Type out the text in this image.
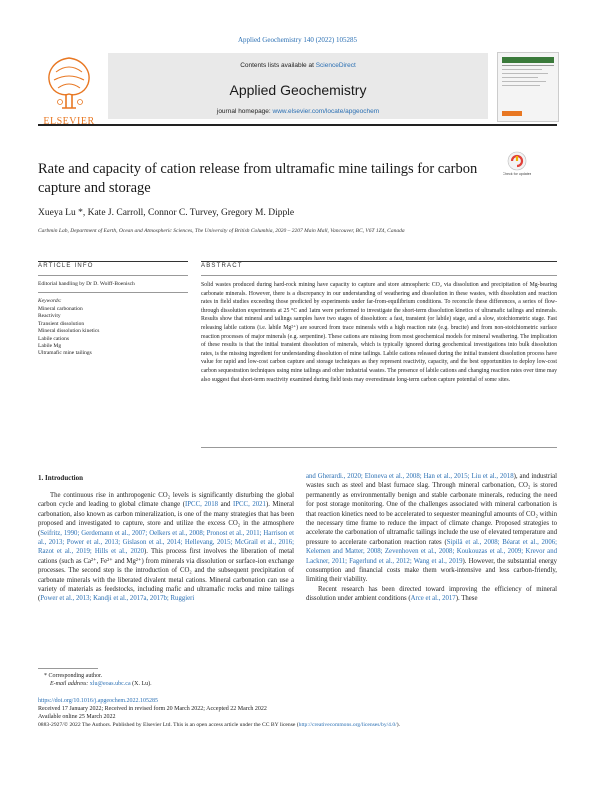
Applied Geochemistry 140 (2022) 105285
ELSEVIER
Contents lists available at ScienceDirect
Applied Geochemistry
journal homepage: www.elsevier.com/locate/apgeochem
Rate and capacity of cation release from ultramafic mine tailings for carbon capture and storage
Check for updates
Xueya Lu *, Kate J. Carroll, Connor C. Turvey, Gregory M. Dipple
Carbmin Lab, Department of Earth, Ocean and Atmospheric Sciences, The University of British Columbia, 2020 – 2207 Main Mall, Vancouver, BC, V6T 1Z4, Canada
ARTICLE INFO	ABSTRACT
Editorial handling by Dr D. Wolff-Boenisch
Keywords:
Mineral carbonation
Reactivity
Transient dissolution
Mineral dissolution kinetics
Labile cations
Labile Mg
Ultramafic mine tailings
Solid wastes produced during hard-rock mining have capacity to capture and store atmospheric CO₂ via dissolution and precipitation of Mg-bearing carbonate minerals. However, there is a discrepancy in our understanding of weathering and dissolution in these wastes, with dissolution and reaction rates in field studies exceeding those predicted by experiments under far-from-equilibrium conditions. To reconcile these differences, a series of flow-through dissolution experiments at 25 °C and 1atm were performed to investigate the short-term dissolution kinetics of ultramafic tailings and minerals. Results show that mineral and tailings samples have two stages of dissolution: a fast, transient (or labile) stage, and a slow, stoichiometric stage. Fast releasing labile cations (i.e. labile Mg²⁺) are sourced from trace minerals with a high reaction rate (e.g. brucite) and from non-stoichiometric surface reaction processes of major minerals (e.g. serpentine). These cations are missing from most geochemical models for mineral weathering. The implication of these results is that the initial transient dissolution of minerals, which is typically ignored during geochemical investigations into bulk dissolution rates, is the missing ingredient for understanding dissolution of mine tailings. Labile cations released during the initial transient dissolution process have value for rapid and low-cost carbon capture and storage techniques as they represent reactivity, capacity, and the best opportunities to deploy low-cost carbon sequestration techniques using mine tailings and other industrial wastes. The presence of labile cations and changing reaction rates over time may also suggest that short-term reactivity examined during field tests may overestimate long-term carbon capture potential of some sites.
1. Introduction
The continuous rise in anthropogenic CO₂ levels is significantly disturbing the global carbon cycle and leading to global climate change (IPCC, 2018 and IPCC, 2021). Mineral carbonation, also known as carbon mineralization, is one of the many strategies that has been proposed and investigated to capture, store and utilize the excess CO₂ in the atmosphere (Seifritz, 1990; Gerdemann et al., 2007; Oelkers et al., 2008; Pronost et al., 2011; Harrison et al., 2013; Power et al., 2013; Gislason et al., 2014; Hellevang, 2015; McGrail et al., 2016; Razot et al., 2019; Hills et al., 2020). This process first involves the liberation of metal cations (such as Ca²⁺, Fe²⁺ and Mg²⁺) from minerals via dissolution or surface-ion exchange processes. The second step is the introduction of CO₂ and the subsequent precipitation of carbonate minerals with the liberated divalent metal cations. Mineral carbonation can use a variety of materials as feedstocks, including mafic and ultramafic rocks and mine tailings (Power et al., 2013; Kandji et al., 2017a, 2017b; Ruggieri
and Gherardi., 2020; Eloneva et al., 2008; Han et al., 2015; Liu et al., 2018), and industrial wastes such as steel and blast furnace slag. Through mineral carbonation, CO₂ is stored permanently as environmentally benign and stable carbonate minerals, reducing the need for post storage monitoring. One of the challenges associated with mineral carbonation is that reaction kinetics need to be accelerated to sequester meaningful amounts of CO₂ within the necessary time frame to reduce the impact of climate change. Proposed strategies to accelerate the carbonation of ultramafic tailings include the use of elevated temperature and pressure to accelerate carbonation reaction rates (Sipilä et al., 2008; Béarat et al., 2006; Kelemen and Matter, 2008; Zevenhoven et al., 2008; Koukouzas et al., 2009; Krevor and Lackner, 2011; Fagerlund et al., 2012; Wang et al., 2019). However, the substantial energy consumption and financial costs make them work-intensive and less carbon-friendly, limiting their viability.
Recent research has been directed toward improving the efficiency of mineral dissolution under ambient conditions (Arce et al., 2017). These
* Corresponding author.
E-mail address: xlu@eoas.ubc.ca (X. Lu).
https://doi.org/10.1016/j.apgeochem.2022.105285
Received 17 January 2022; Received in revised form 20 March 2022; Accepted 22 March 2022
Available online 25 March 2022
0883-2927/© 2022 The Authors. Published by Elsevier Ltd. This is an open access article under the CC BY license (http://creativecommons.org/licenses/by/4.0/).
